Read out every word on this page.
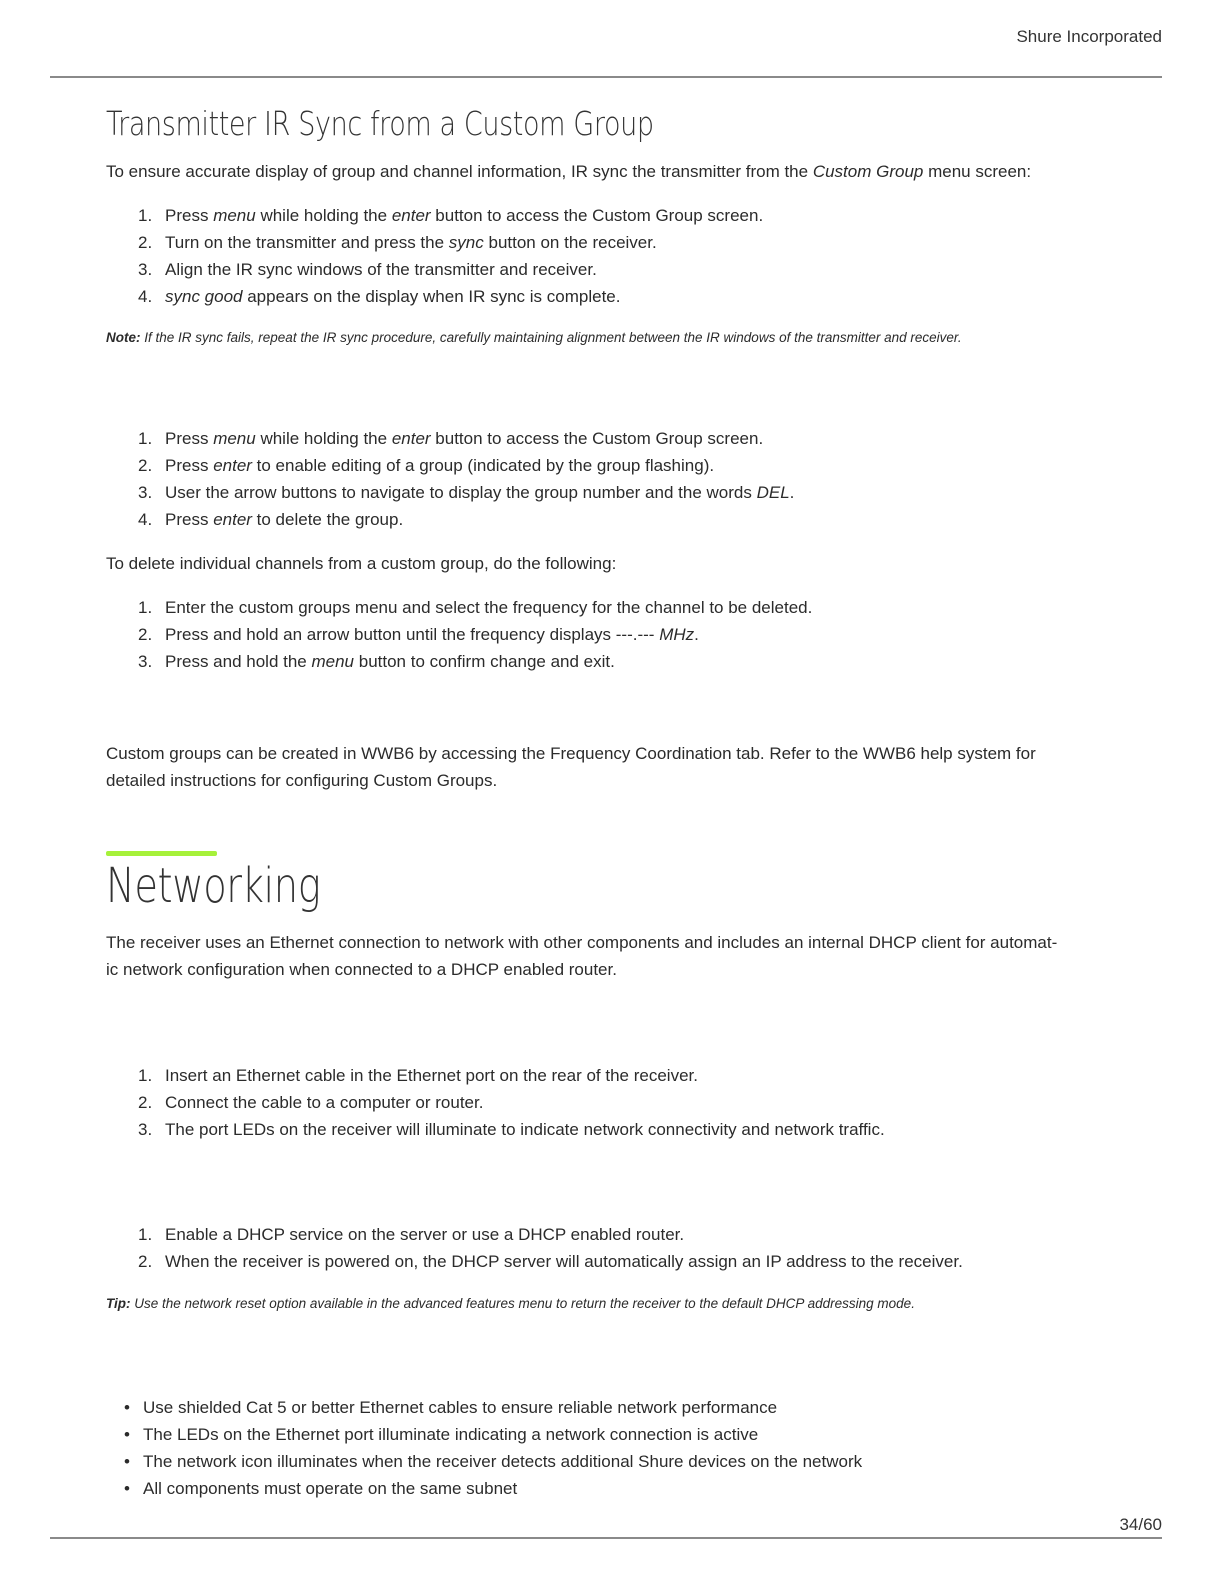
Shure Incorporated
Transmitter IR Sync from a Custom Group

To ensure accurate display of group and channel information, IR sync the transmitter from the Custom Group menu screen:

1. Press menu while holding the enter button to access the Custom Group screen.
2. Turn on the transmitter and press the sync button on the receiver.
3. Align the IR sync windows of the transmitter and receiver.
4. sync good appears on the display when IR sync is complete.
Note: If the IR sync fails, repeat the IR sync procedure, carefully maintaining alignment between the IR windows of the transmitter and receiver.
1. Press menu while holding the enter button to access the Custom Group screen.
2. Press enter to enable editing of a group (indicated by the group flashing).
3. User the arrow buttons to navigate to display the group number and the words DEL.
4. Press enter to delete the group.

To delete individual channels from a custom group, do the following:

1. Enter the custom groups menu and select the frequency for the channel to be deleted.
2. Press and hold an arrow button until the frequency displays ---.--- MHz.
3. Press and hold the menu button to confirm change and exit.

Custom groups can be created in WWB6 by accessing the Frequency Coordination tab. Refer to the WWB6 help system for

detailed instructions for configuring Custom Groups.

Networking

The receiver uses an Ethernet connection to network with other components and includes an internal DHCP client for automat-

ic network configuration when connected to a DHCP enabled router.

1. Insert an Ethernet cable in the Ethernet port on the rear of the receiver.
2. Connect the cable to a computer or router.
3. The port LEDs on the receiver will illuminate to indicate network connectivity and network traffic.
1. Enable a DHCP service on the server or use a DHCP enabled router.
2. When the receiver is powered on, the DHCP server will automatically assign an IP address to the receiver.
Tip: Use the network reset option available in the advanced features menu to return the receiver to the default DHCP addressing mode.
• Use shielded Cat 5 or better Ethernet cables to ensure reliable network performance
• The LEDs on the Ethernet port illuminate indicating a network connection is active
• The network icon illuminates when the receiver detects additional Shure devices on the network
• All components must operate on the same subnet
34/60
